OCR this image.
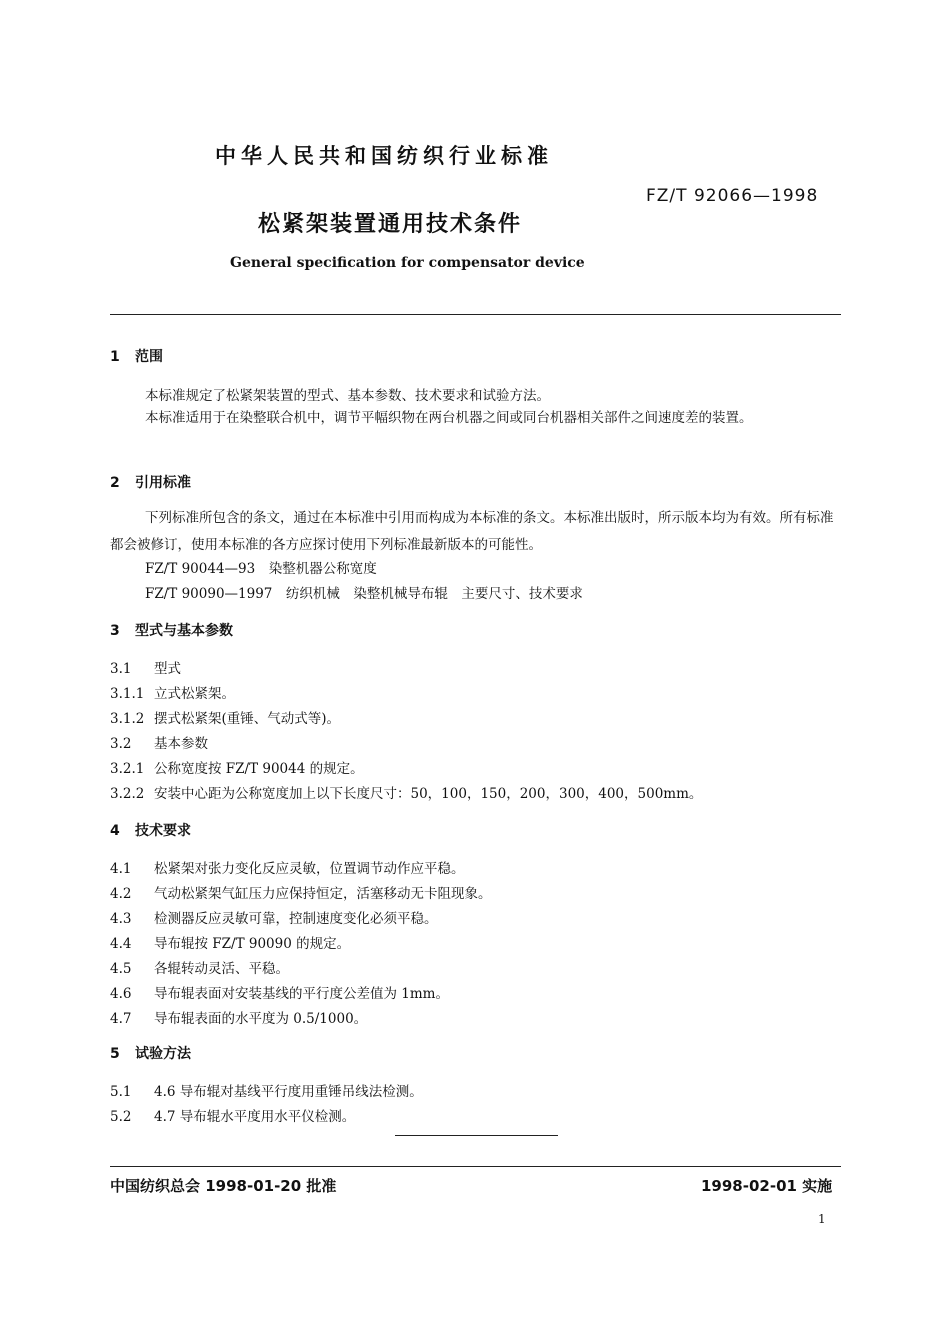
中华人民共和国纺织行业标准
FZ/T 92066—1998
松紧架装置通用技术条件
General specification for compensator device
1 范围
本标准规定了松紧架装置的型式、基本参数、技术要求和试验方法。
本标准适用于在染整联合机中，调节平幅织物在两台机器之间或同台机器相关部件之间速度差的装置。
2 引用标准
下列标准所包含的条文，通过在本标准中引用而构成为本标准的条文。本标准出版时，所示版本均为有效。所有标准都会被修订，使用本标准的各方应探讨使用下列标准最新版本的可能性。
FZ/T 90044—93　染整机器公称宽度
FZ/T 90090—1997　纺织机械　染整机械导布辊　主要尺寸、技术要求
3 型式与基本参数
3.1 型式
3.1.1 立式松紧架。
3.1.2 摆式松紧架(重锤、气动式等)。
3.2 基本参数
3.2.1 公称宽度按 FZ/T 90044 的规定。
3.2.2 安装中心距为公称宽度加上以下长度尺寸：50，100，150，200，300，400，500mm。
4 技术要求
4.1 松紧架对张力变化反应灵敏，位置调节动作应平稳。
4.2 气动松紧架气缸压力应保持恒定，活塞移动无卡阻现象。
4.3 检测器反应灵敏可靠，控制速度变化必须平稳。
4.4 导布辊按 FZ/T 90090 的规定。
4.5 各辊转动灵活、平稳。
4.6 导布辊表面对安装基线的平行度公差值为 1mm。
4.7 导布辊表面的水平度为 0.5/1000。
5 试验方法
5.1 4.6 导布辊对基线平行度用重锤吊线法检测。
5.2 4.7 导布辊水平度用水平仪检测。
中国纺织总会 1998-01-20 批准	1998-02-01 实施
1
